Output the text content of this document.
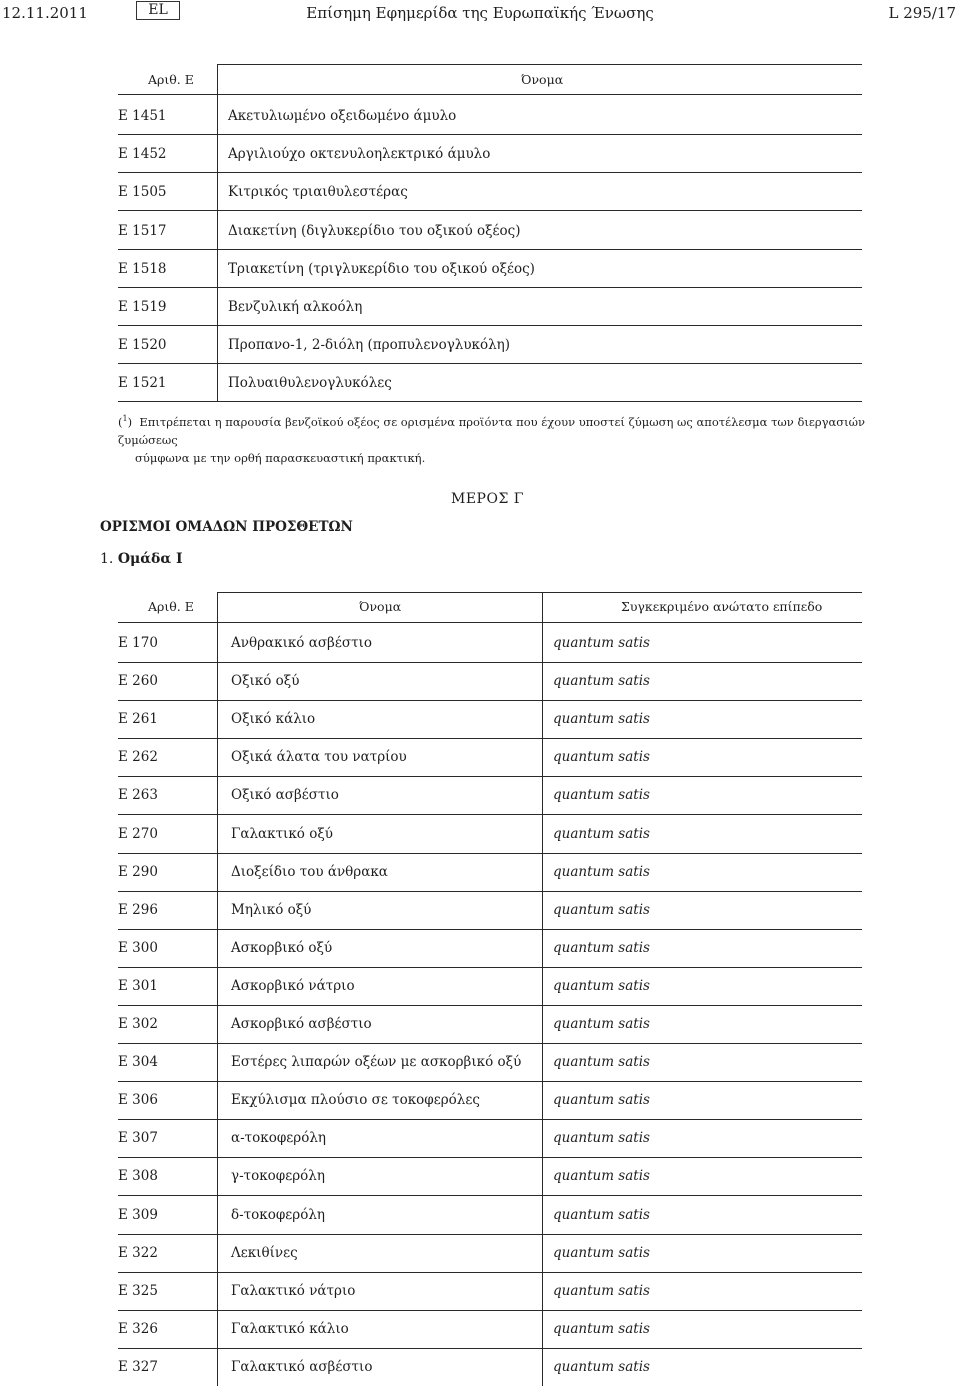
12.11.2011	EL	Επίσημη Εφημερίδα της Ευρωπαϊκής Ένωσης	L 295/17
Αριθ. Ε	Όνομα
E 1451	Ακετυλιωμένο οξειδωμένο άμυλο
E 1452	Αργιλιούχο οκτενυλοηλεκτρικό άμυλο
E 1505	Κιτρικός τριαιθυλεστέρας
E 1517	Διακετίνη (διγλυκερίδιο του οξικού οξέος)
E 1518	Τριακετίνη (τριγλυκερίδιο του οξικού οξέος)
E 1519	Βενζυλική αλκοόλη
E 1520	Προπανο-1, 2-διόλη (προπυλενογλυκόλη)
E 1521	Πολυαιθυλενογλυκόλες
($^1$)  Επιτρέπεται η παρουσία βενζοϊκού οξέος σε ορισμένα προϊόντα που έχουν υποστεί ζύμωση ως αποτέλεσμα των διεργασιών ζυμώσεως
σύμφωνα με την ορθή παρασκευαστική πρακτική.
ΜΕΡΟΣ Γ
ΟΡΙΣΜΟΙ ΟΜΑΔΩΝ ΠΡΟΣΘΕΤΩΝ
1. Ομάδα I
Αριθ. Ε	Όνομα	Συγκεκριμένο ανώτατο επίπεδο
E 170	Ανθρακικό ασβέστιο	quantum satis
E 260	Οξικό οξύ	quantum satis
E 261	Οξικό κάλιο	quantum satis
E 262	Οξικά άλατα του νατρίου	quantum satis
E 263	Οξικό ασβέστιο	quantum satis
E 270	Γαλακτικό οξύ	quantum satis
E 290	Διοξείδιο του άνθρακα	quantum satis
E 296	Μηλικό οξύ	quantum satis
E 300	Ασκορβικό οξύ	quantum satis
E 301	Ασκορβικό νάτριο	quantum satis
E 302	Ασκορβικό ασβέστιο	quantum satis
E 304	Εστέρες λιπαρών οξέων με ασκορβικό οξύ quantum satis
E 306	Εκχύλισμα πλούσιο σε τοκοφερόλες	quantum satis
E 307	α-τοκοφερόλη	quantum satis
E 308	γ-τοκοφερόλη	quantum satis
E 309	δ-τοκοφερόλη	quantum satis
E 322	Λεκιθίνες	quantum satis
E 325	Γαλακτικό νάτριο	quantum satis
E 326	Γαλακτικό κάλιο	quantum satis
E 327	Γαλακτικό ασβέστιο	quantum satis
